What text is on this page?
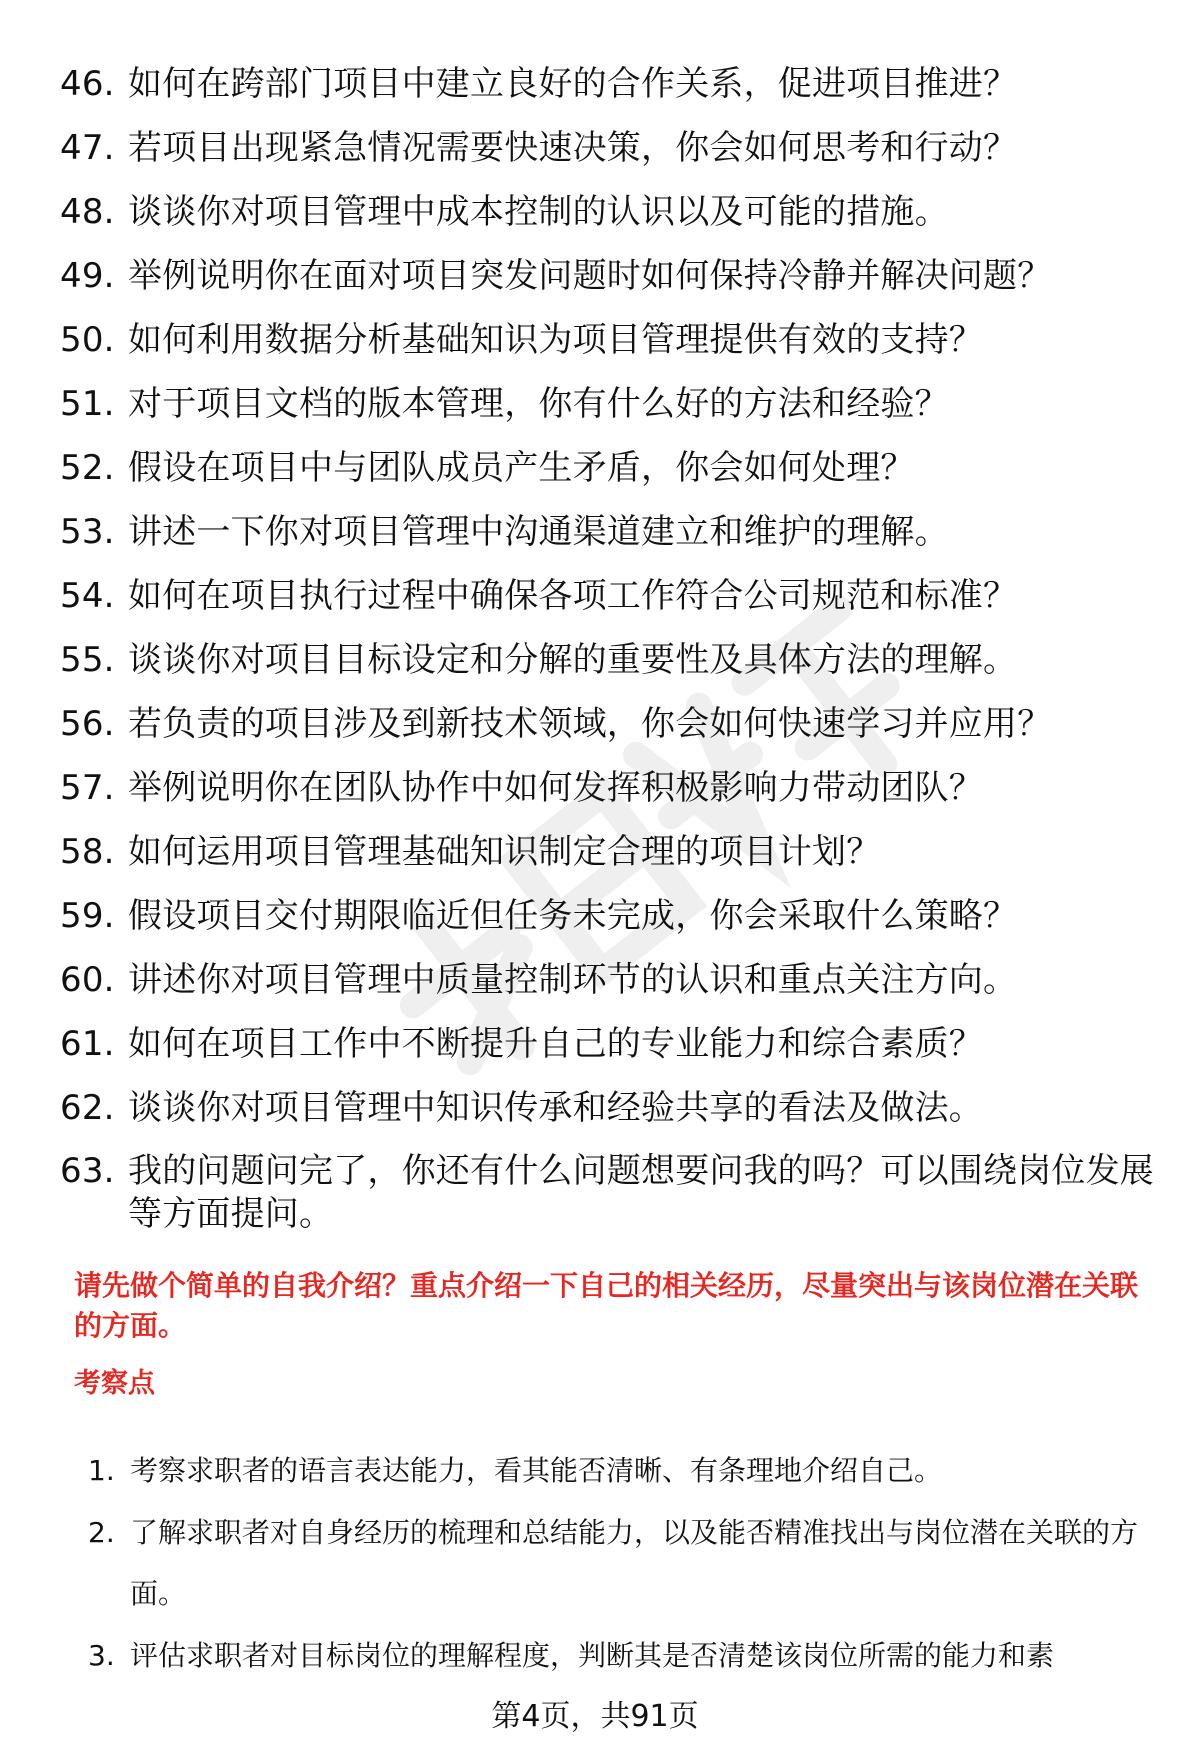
46. 如何在跨部门项目中建立良好的合作关系，促进项目推进？
47. 若项目出现紧急情况需要快速决策，你会如何思考和行动？
48. 谈谈你对项目管理中成本控制的认识以及可能的措施。
49. 举例说明你在面对项目突发问题时如何保持冷静并解决问题？
50. 如何利用数据分析基础知识为项目管理提供有效的支持？
51. 对于项目文档的版本管理，你有什么好的方法和经验？
52. 假设在项目中与团队成员产生矛盾，你会如何处理？
53. 讲述一下你对项目管理中沟通渠道建立和维护的理解。
54. 如何在项目执行过程中确保各项工作符合公司规范和标准？
55. 谈谈你对项目目标设定和分解的重要性及具体方法的理解。
56. 若负责的项目涉及到新技术领域，你会如何快速学习并应用？
57. 举例说明你在团队协作中如何发挥积极影响力带动团队？
58. 如何运用项目管理基础知识制定合理的项目计划？
59. 假设项目交付期限临近但任务未完成，你会采取什么策略？
60. 讲述你对项目管理中质量控制环节的认识和重点关注方向。
61. 如何在项目工作中不断提升自己的专业能力和综合素质？
62. 谈谈你对项目管理中知识传承和经验共享的看法及做法。
63. 我的问题问完了，你还有什么问题想要问我的吗？可以围绕岗位发展等方面提问。

请先做个简单的自我介绍？重点介绍一下自己的相关经历，尽量突出与该岗位潜在关联的方面。

考察点

1. 考察求职者的语言表达能力，看其能否清晰、有条理地介绍自己。
2. 了解求职者对自身经历的梳理和总结能力，以及能否精准找出与岗位潜在关联的方面。
3. 评估求职者对目标岗位的理解程度，判断其是否清楚该岗位所需的能力和素
第4页，共91页
